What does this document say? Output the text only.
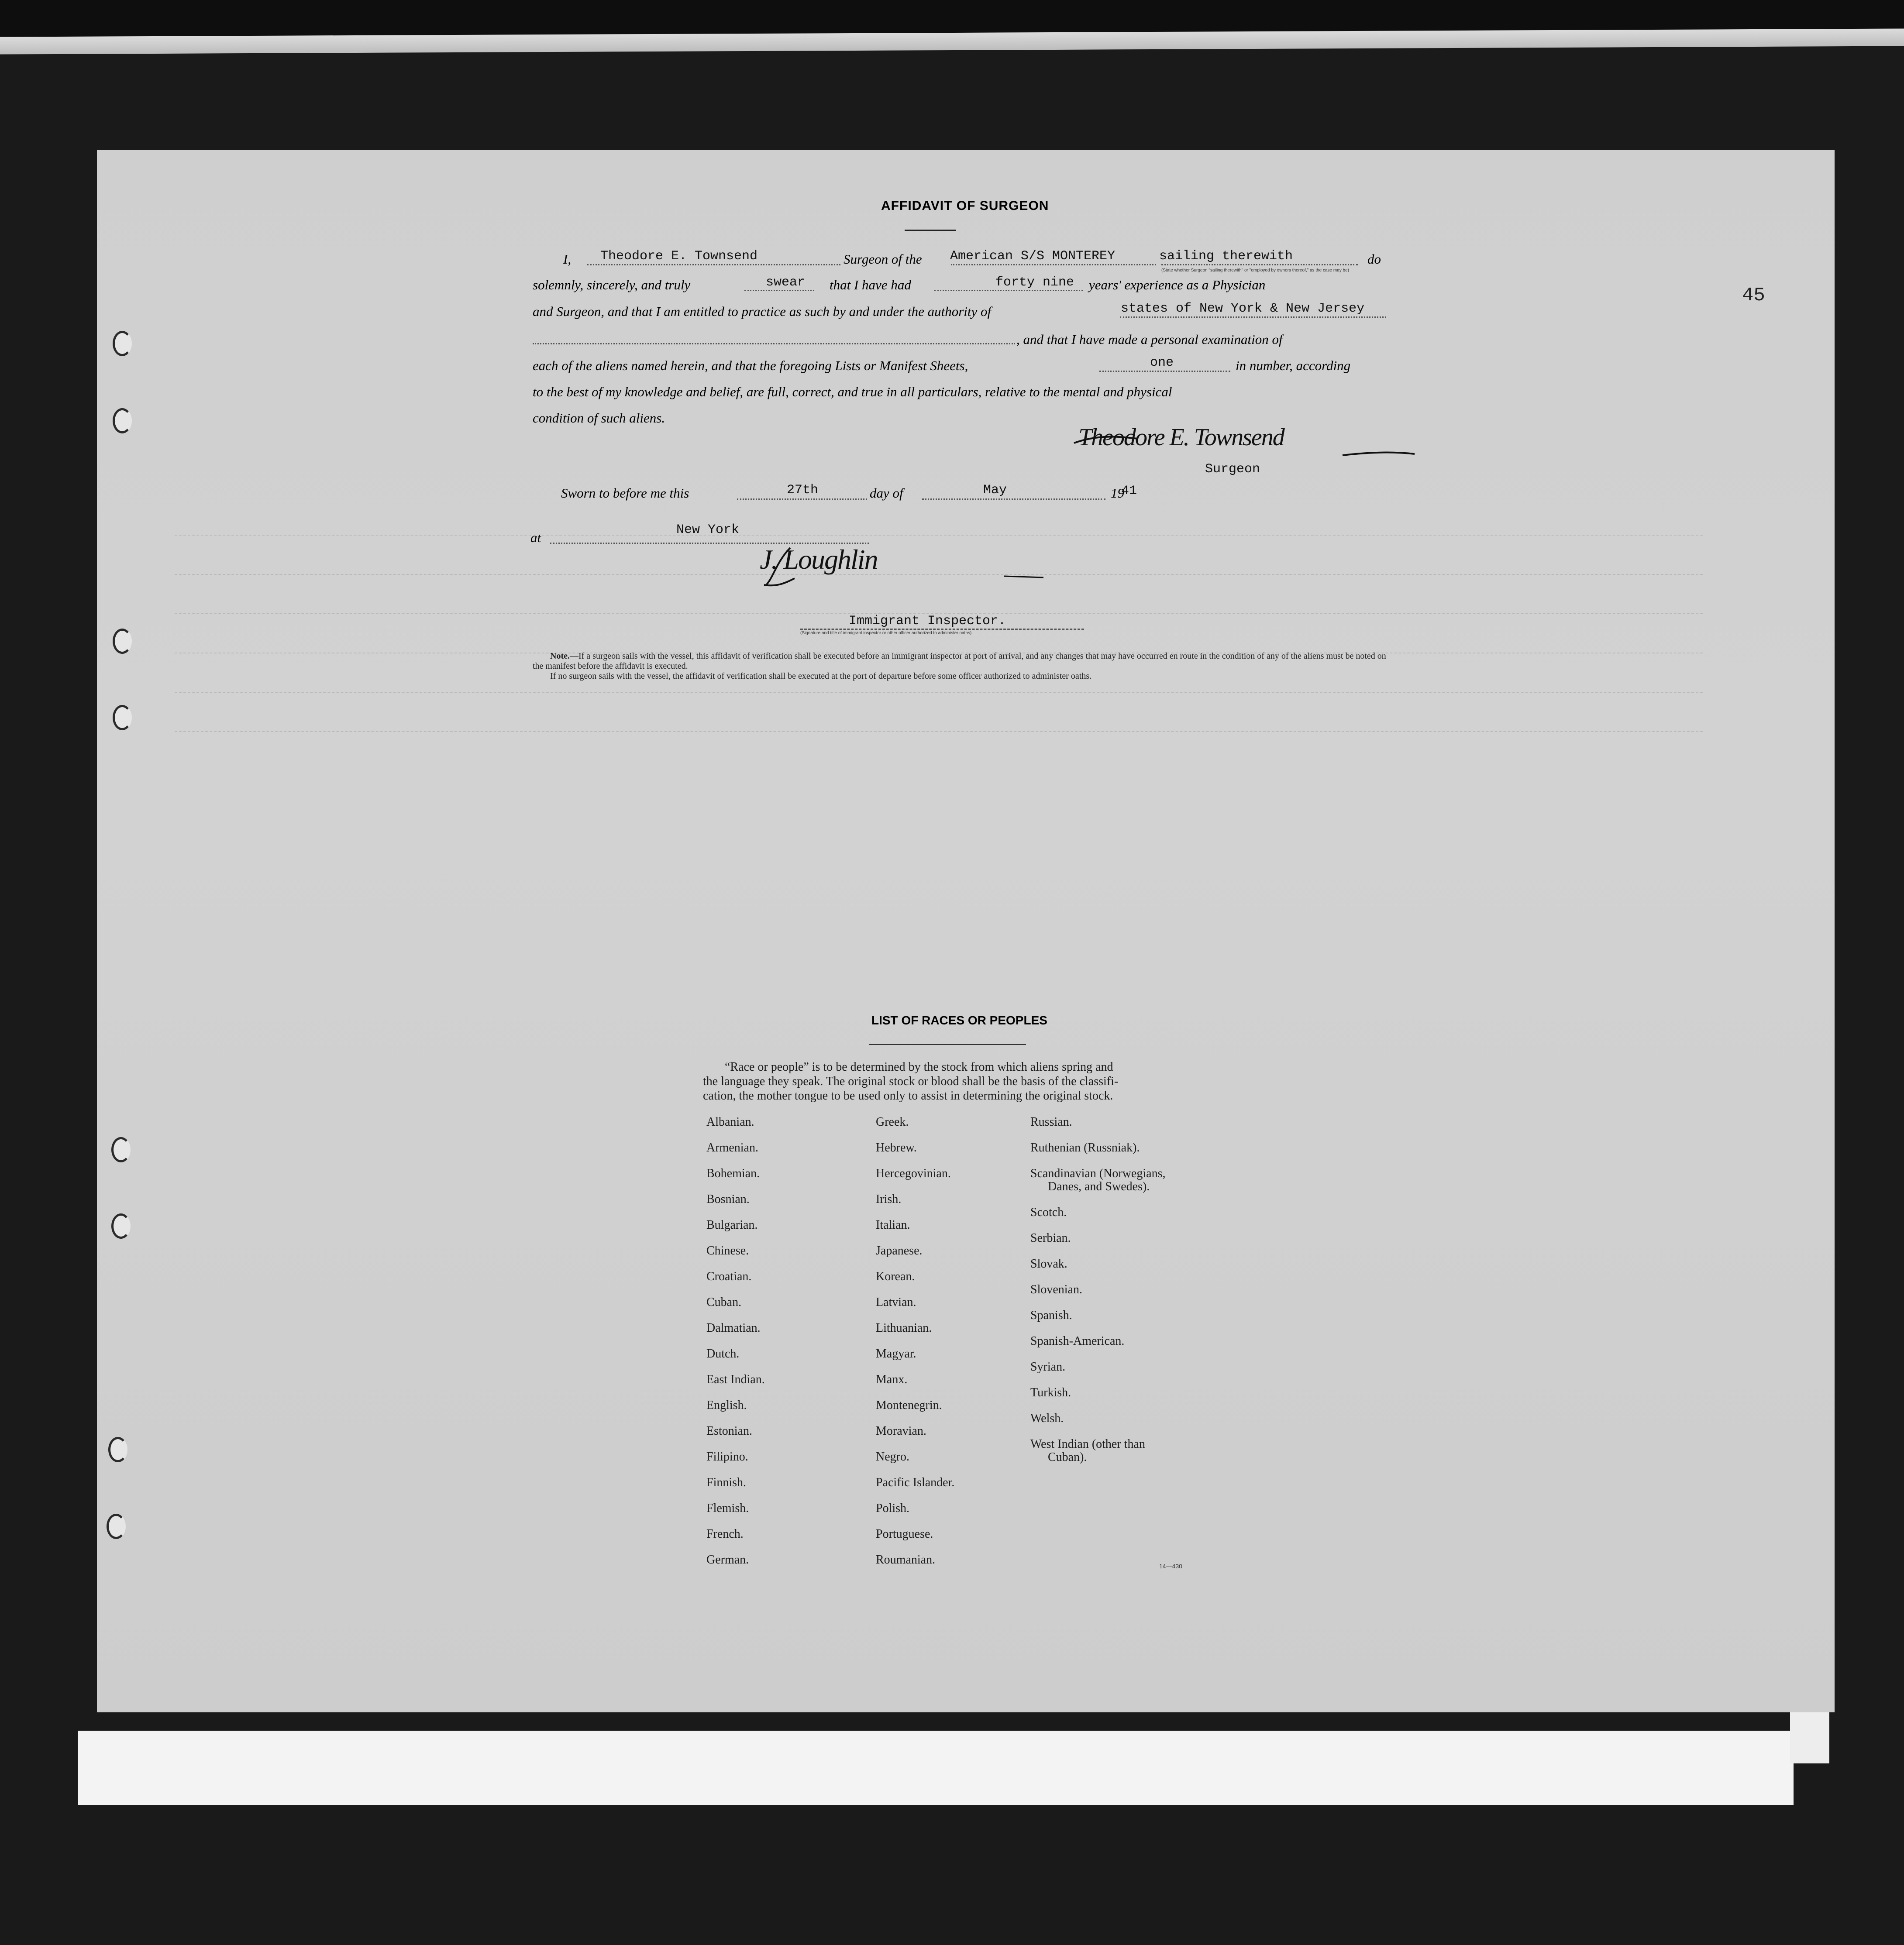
45
AFFIDAVIT OF SURGEON
I, Theodore E. Townsend	Surgeon of the American S/S MONTEREY	sailing therewith	do
(State whether Surgeon "sailing therewith" or "employed by owners thereof," as the case may be)
solemnly, sincerely, and truly	swear that I have had	forty nine years' experience as a Physician
and Surgeon, and that I am entitled to practice as such by and under the authority of	states of New York & New Jersey
, and that I have made a personal examination of
each of the aliens named herein, and that the foregoing Lists or Manifest Sheets,	one	in number, according
to the best of my knowledge and belief, are full, correct, and true in all particulars, relative to the mental and physical
condition of such aliens.
Theodore E. Townsend
Surgeon
Sworn to before me this	27th	day of	May	19
41
at	New York
J. Loughlin
Immigrant Inspector.
(Signature and title of immigrant inspector or other officer authorized to administer oaths)
Note.—If a surgeon sails with the vessel, this affidavit of verification shall be executed before an immigrant inspector at port of arrival, and any changes that may have occurred en route in the condition of any of the aliens must be noted on the manifest before the affidavit is executed.
If no surgeon sails with the vessel, the affidavit of verification shall be executed at the port of departure before some officer authorized to administer oaths.
LIST OF RACES OR PEOPLES
“Race or people” is to be determined by the stock from which aliens spring and
the language they speak. The original stock or blood shall be the basis of the classifi-
cation, the mother tongue to be used only to assist in determining the original stock.
Albanian.
Armenian.
Bohemian.
Bosnian.
Bulgarian.
Chinese.
Croatian.
Cuban.
Dalmatian.
Dutch.
East Indian.
English.
Estonian.
Filipino.
Finnish.
Flemish.
French.
German.
Greek.
Hebrew.
Hercegovinian.
Irish.
Italian.
Japanese.
Korean.
Latvian.
Lithuanian.
Magyar.
Manx.
Montenegrin.
Moravian.
Negro.
Pacific Islander.
Polish.
Portuguese.
Roumanian.
Russian.
Ruthenian (Russniak).
Scandinavian (Norwegians,
Danes, and Swedes).
Scotch.
Serbian.
Slovak.
Slovenian.
Spanish.
Spanish-American.
Syrian.
Turkish.
Welsh.
West Indian (other than
Cuban).
14—430
